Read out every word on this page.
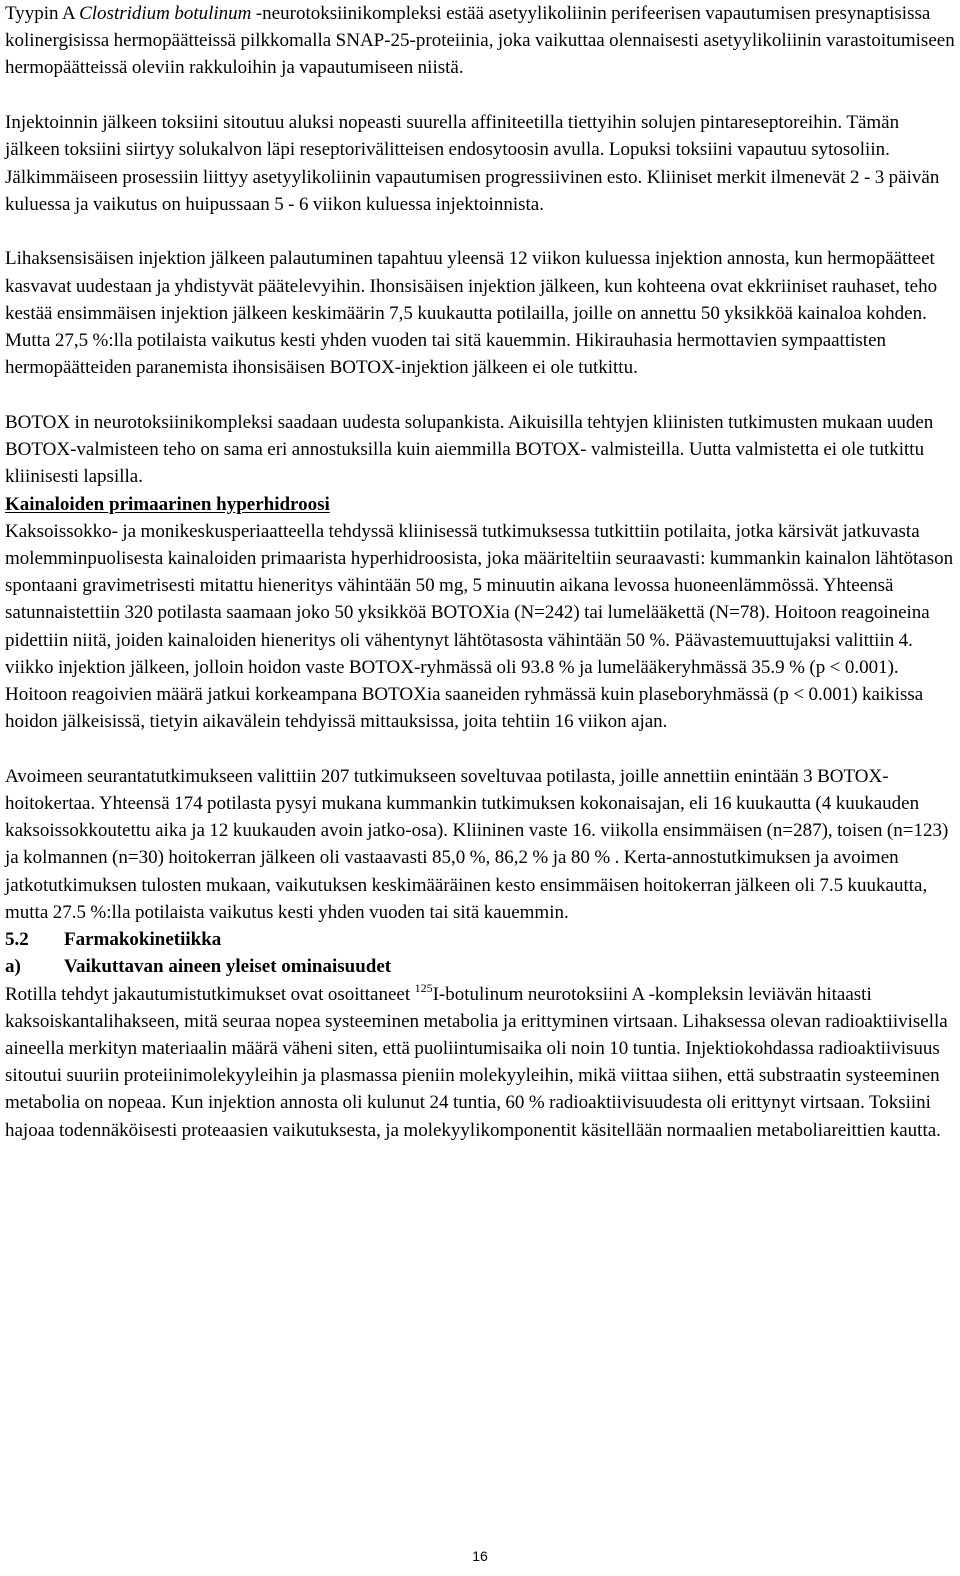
Tyypin A Clostridium botulinum -neurotoksiinikompleksi estää asetyylikoliinin perifeerisen vapautumisen presynaptisissa kolinergisissa hermopäätteissä pilkkomalla SNAP-25-proteiinia, joka vaikuttaa olennaisesti asetyylikoliinin varastoitumiseen hermopäätteissä oleviin rakkuloihin ja vapautumiseen niistä.

Injektoinnin jälkeen toksiini sitoutuu aluksi nopeasti suurella affiniteetilla tiettyihin solujen pintareseptoreihin. Tämän jälkeen toksiini siirtyy solukalvon läpi reseptorivälitteisen endosytoosin avulla. Lopuksi toksiini vapautuu sytosoliin. Jälkimmäiseen prosessiin liittyy asetyylikoliinin vapautumisen progressiivinen esto. Kliiniset merkit ilmenevät 2 - 3 päivän kuluessa ja vaikutus on huipussaan 5 - 6 viikon kuluessa injektoinnista.

Lihaksensisäisen injektion jälkeen palautuminen tapahtuu yleensä 12 viikon kuluessa injektion annosta, kun hermopäätteet kasvavat uudestaan ja yhdistyvät päätelevyihin. Ihonsisäisen injektion jälkeen, kun kohteena ovat ekkriiniset rauhaset, teho kestää ensimmäisen injektion jälkeen keskimäärin 7,5 kuukautta potilailla, joille on annettu 50 yksikköä kainaloa kohden. Mutta 27,5 %:lla potilaista vaikutus kesti yhden vuoden tai sitä kauemmin. Hikirauhasia hermottavien sympaattisten hermopäätteiden paranemista ihonsisäisen BOTOX-injektion jälkeen ei ole tutkittu.

BOTOX in neurotoksiinikompleksi saadaan uudesta solupankista. Aikuisilla tehtyjen kliinisten tutkimusten mukaan uuden BOTOX-valmisteen teho on sama eri annostuksilla kuin aiemmilla BOTOX- valmisteilla. Uutta valmistetta ei ole tutkittu kliinisesti lapsilla.

Kainaloiden primaarinen hyperhidroosi

Kaksoissokko- ja monikeskusperiaatteella tehdyssä kliinisessä tutkimuksessa tutkittiin potilaita, jotka kärsivät jatkuvasta molemminpuolisesta kainaloiden primaarista hyperhidroosista, joka määriteltiin seuraavasti: kummankin kainalon lähtötason spontaani gravimetrisesti mitattu hieneritys vähintään 50 mg, 5 minuutin aikana levossa huoneenlämmössä. Yhteensä satunnaistettiin 320 potilasta saamaan joko 50 yksikköä BOTOXia (N=242) tai lumelääkettä (N=78). Hoitoon reagoineina pidettiin niitä, joiden kainaloiden hieneritys oli vähentynyt lähtötasosta vähintään 50 %. Päävastemuuttujaksi valittiin 4. viikko injektion jälkeen, jolloin hoidon vaste BOTOX-ryhmässä oli 93.8 % ja lumelääkeryhmässä 35.9 % (p < 0.001). Hoitoon reagoivien määrä jatkui korkeampana BOTOXia saaneiden ryhmässä kuin plaseboryhmässä (p < 0.001) kaikissa hoidon jälkeisissä, tietyin aikavälein tehdyissä mittauksissa, joita tehtiin 16 viikon ajan.

Avoimeen seurantatutkimukseen valittiin 207 tutkimukseen soveltuvaa potilasta, joille annettiin enintään 3 BOTOX-hoitokertaa. Yhteensä 174 potilasta pysyi mukana kummankin tutkimuksen kokonaisajan, eli 16 kuukautta (4 kuukauden kaksoissokkoutettu aika ja 12 kuukauden avoin jatko-osa). Kliininen vaste 16. viikolla ensimmäisen (n=287), toisen (n=123) ja kolmannen (n=30) hoitokerran jälkeen oli vastaavasti 85,0 %, 86,2 % ja 80 % . Kerta-annostutkimuksen ja avoimen jatkotutkimuksen tulosten mukaan, vaikutuksen keskimääräinen kesto ensimmäisen hoitokerran jälkeen oli 7.5 kuukautta, mutta 27.5 %:lla potilaista vaikutus kesti yhden vuoden tai sitä kauemmin.

5.2 Farmakokinetiikka
a) Vaikuttavan aineen yleiset ominaisuudet

Rotilla tehdyt jakautumistutkimukset ovat osoittaneet $^{125}$I-botulinum neurotoksiini A -kompleksin leviävän hitaasti kaksoiskantalihakseen, mitä seuraa nopea systeeminen metabolia ja erittyminen virtsaan. Lihaksessa olevan radioaktiivisella aineella merkityn materiaalin määrä väheni siten, että puoliintumisaika oli noin 10 tuntia. Injektiokohdassa radioaktiivisuus sitoutui suuriin proteiinimolekyyleihin ja plasmassa pieniin molekyyleihin, mikä viittaa siihen, että substraatin systeeminen metabolia on nopeaa. Kun injektion annosta oli kulunut 24 tuntia, 60 % radioaktiivisuudesta oli erittynyt virtsaan. Toksiini hajoaa todennäköisesti proteaasien vaikutuksesta, ja molekyylikomponentit käsitellään normaalien metaboliareittien kautta.

16
